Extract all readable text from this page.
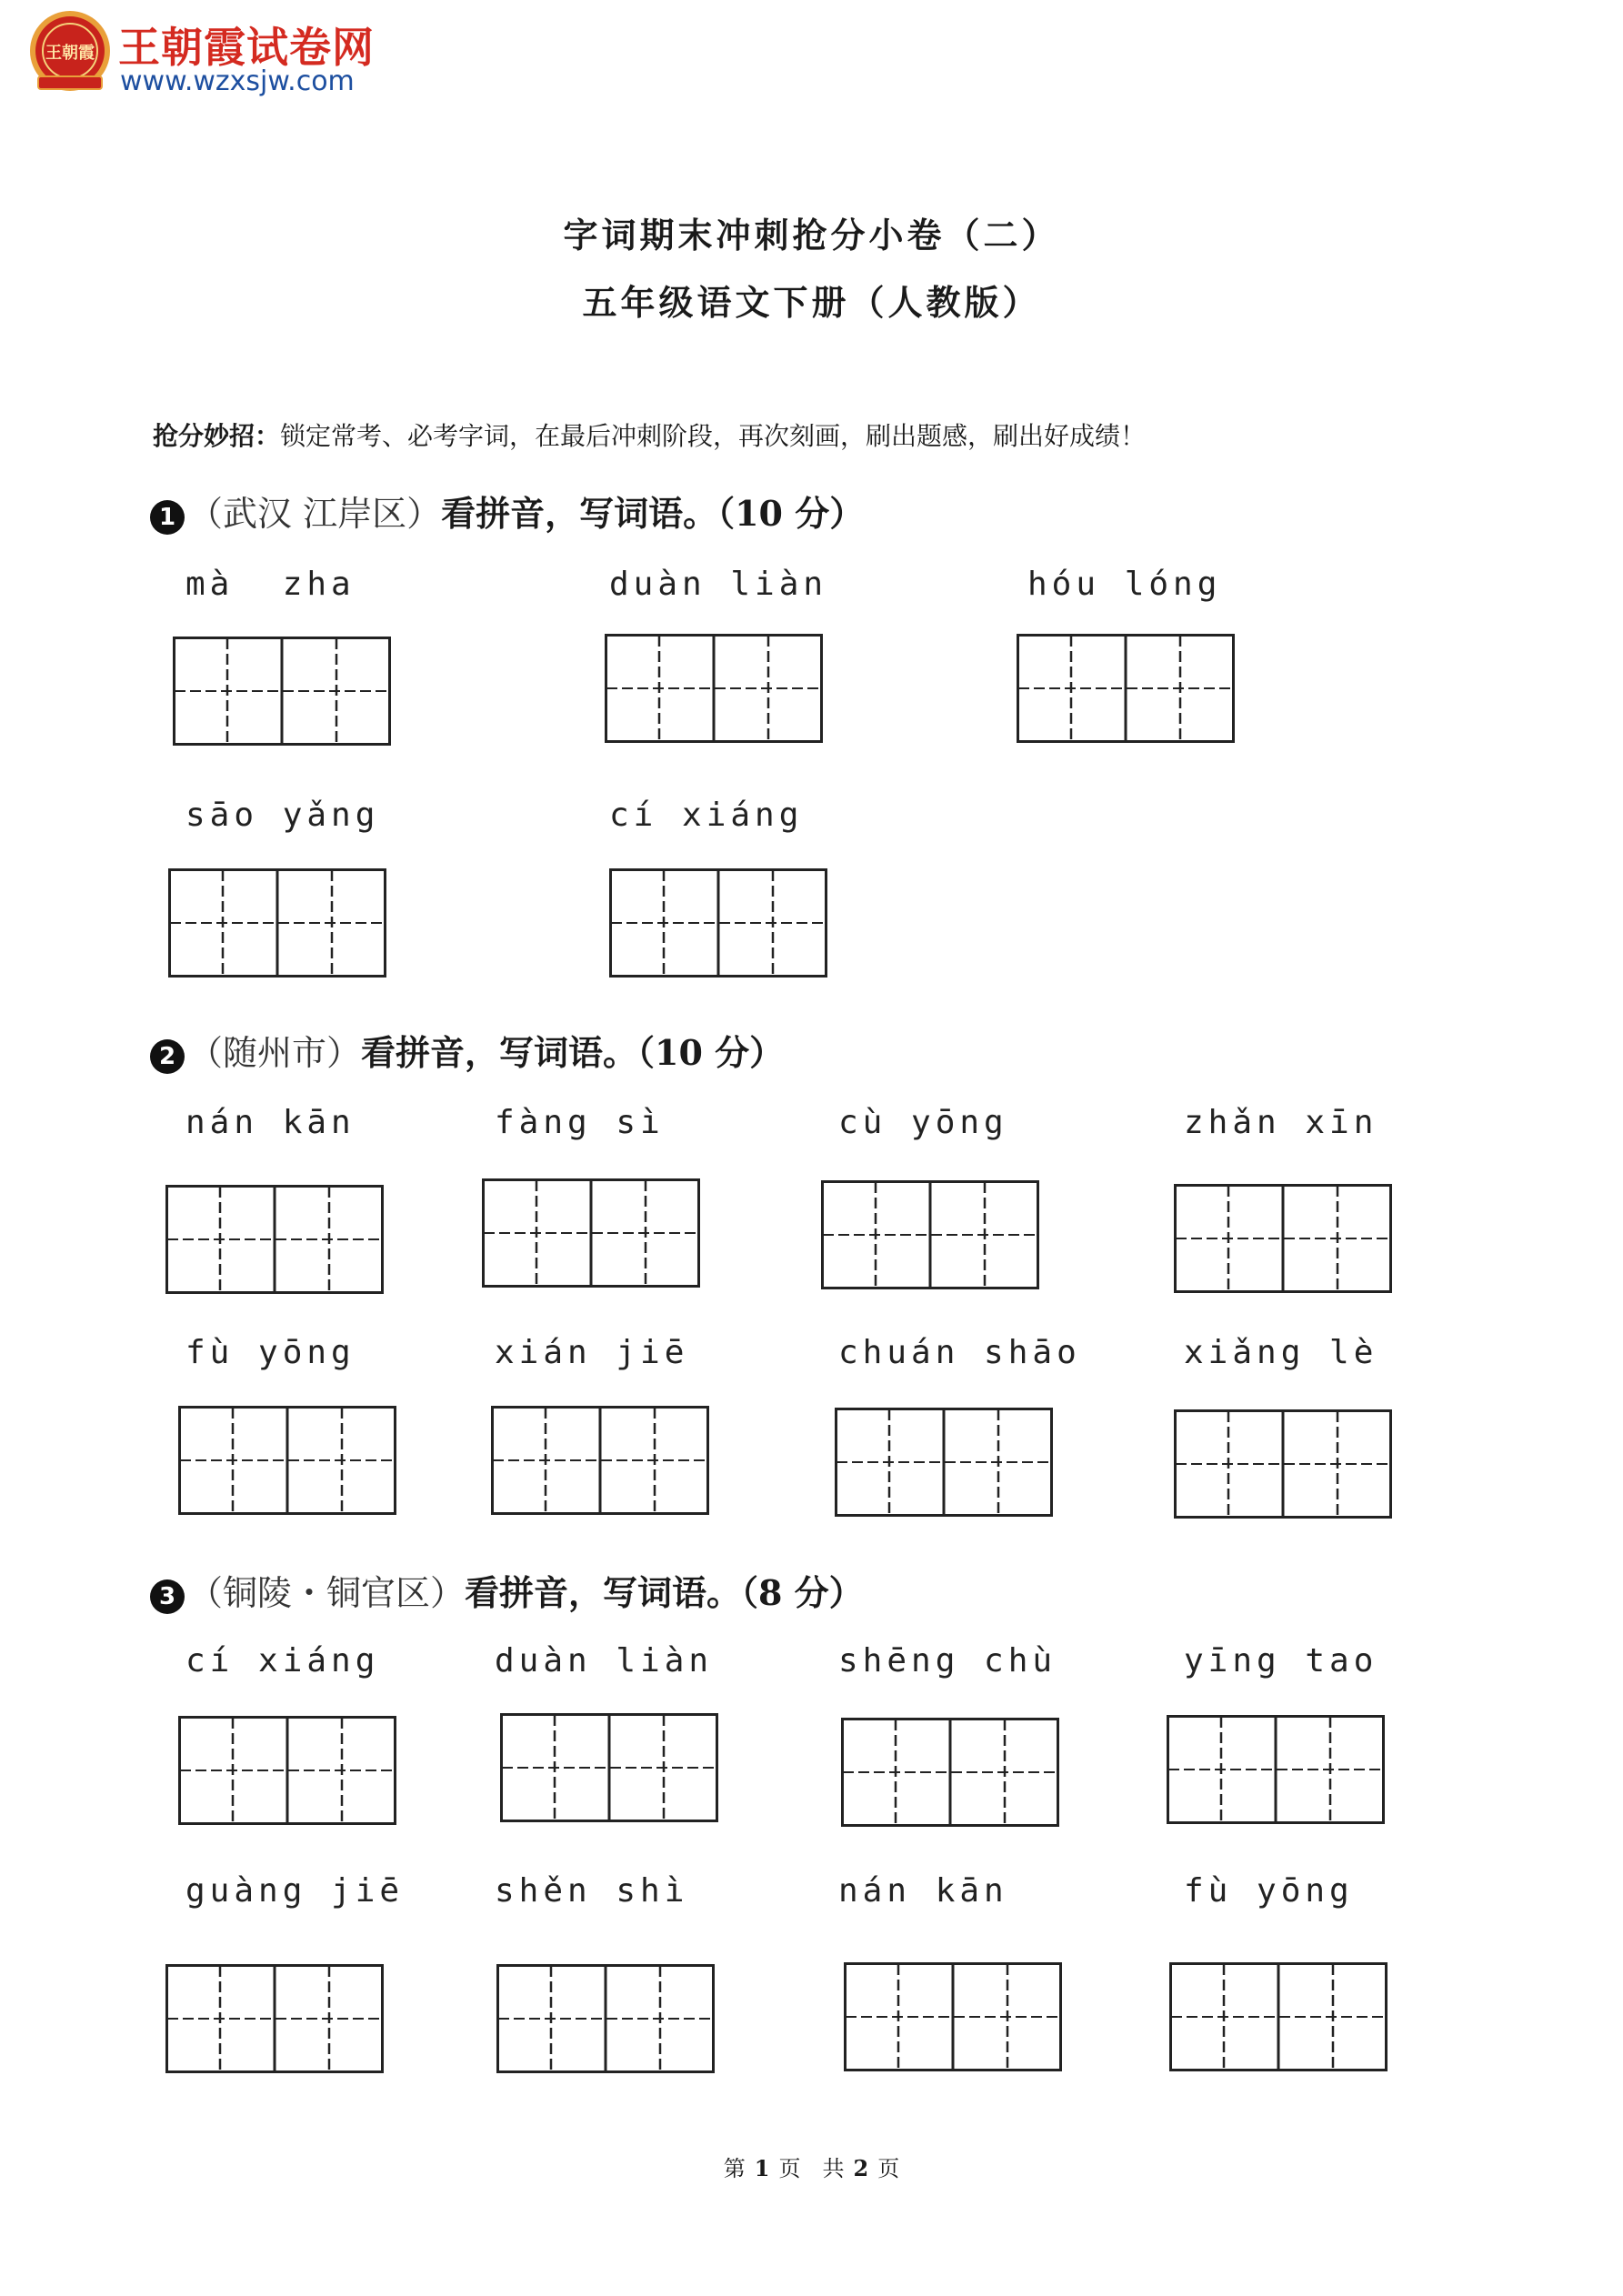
王朝霞 王朝霞试卷网
www.wzxsjw.com
字词期末冲刺抢分小卷（二）
五年级语文下册（人教版）
抢分妙招：锁定常考、必考字词，在最后冲刺阶段，再次刻画，刷出题感，刷出好成绩！
1 （武汉 江岸区）看拼音，写词语。（10 分）
2 （随州市）看拼音，写词语。（10 分）
3 （铜陵・铜官区）看拼音，写词语。（8 分）
mà  zha	duàn liàn	hóu lóng
sāo yǎng	cí xiáng
nán kān	fàng sì	cù yōng	zhǎn xīn
fù yōng	xián jiē	chuán shāo	xiǎng lè
cí xiáng	duàn liàn	shēng chù	yīng tao
guàng jiē	shěn shì	nán kān	fù yōng
第 1 页　共 2 页
